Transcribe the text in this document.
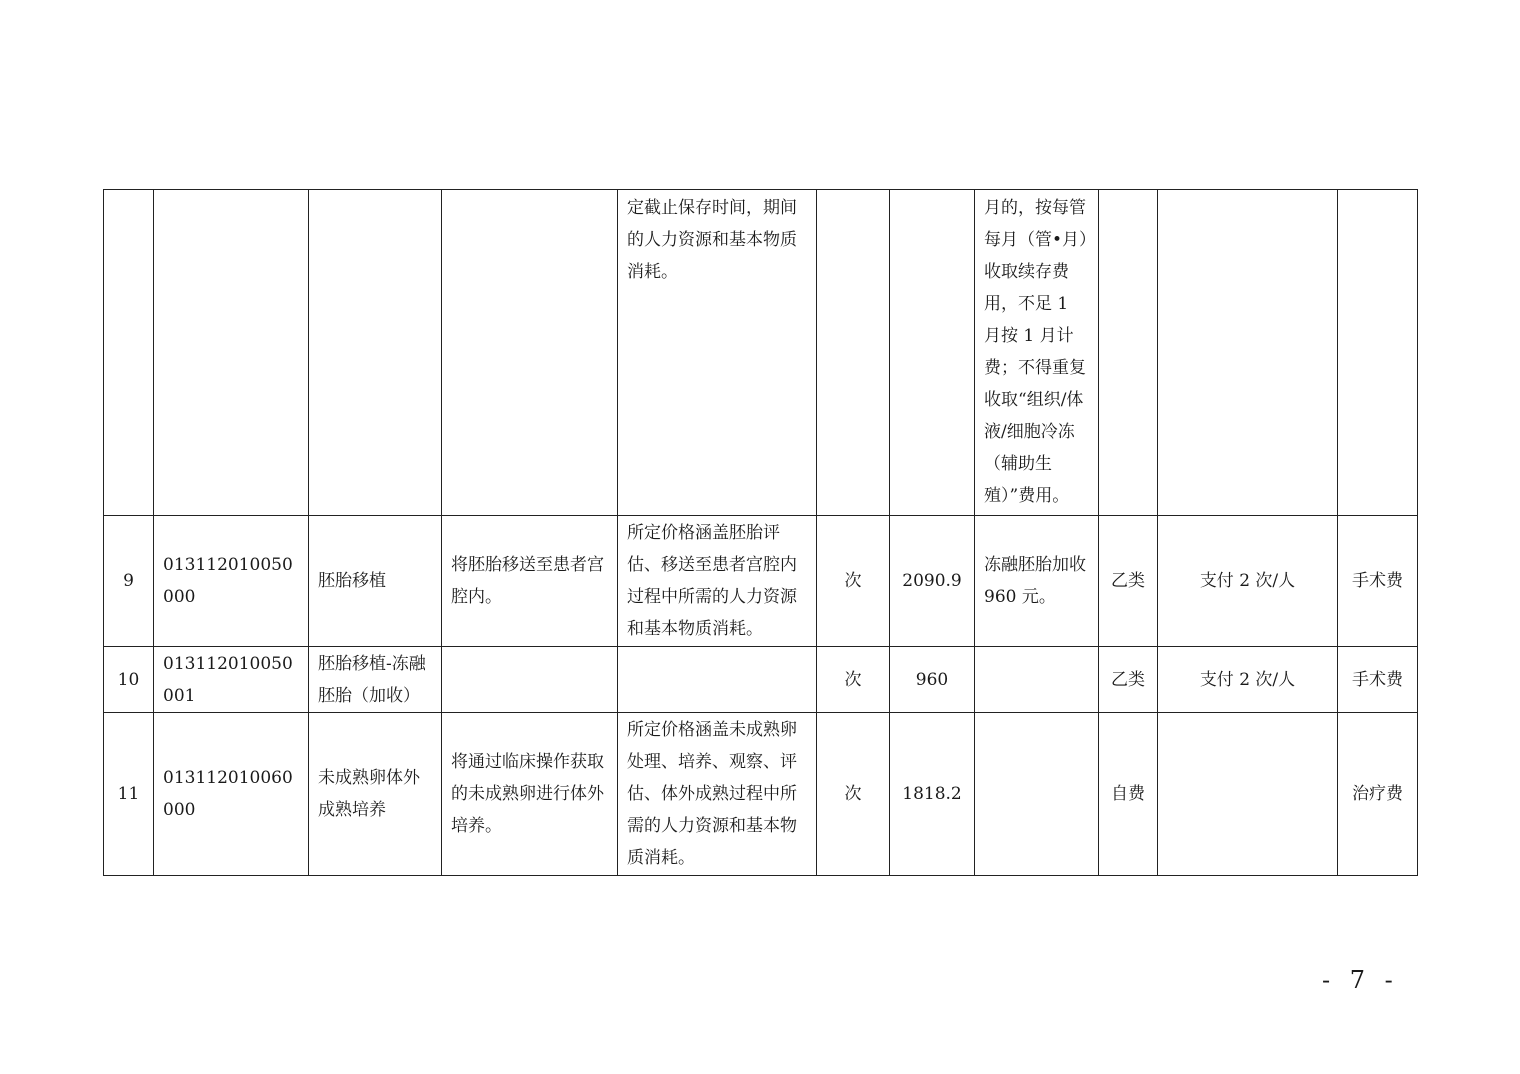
				定截止保存时间，期间的人力资源和基本物质消耗。			月的，按每管每月（管•月）收取续存费用，不足 1 月按 1 月计费；不得重复收取“组织/体液/细胞冷冻（辅助生殖）”费用。			
9	013112010050000	胚胎移植	将胚胎移送至患者宫腔内。	所定价格涵盖胚胎评估、移送至患者宫腔内过程中所需的人力资源和基本物质消耗。	次	2090.9	冻融胚胎加收 960 元。	乙类	支付 2 次/人	手术费
10	013112010050001	胚胎移植-冻融胚胎（加收）			次	960		乙类	支付 2 次/人	手术费
11	013112010060000	未成熟卵体外成熟培养	将通过临床操作获取的未成熟卵进行体外培养。	所定价格涵盖未成熟卵处理、培养、观察、评估、体外成熟过程中所需的人力资源和基本物质消耗。	次	1818.2		自费		治疗费
- 7 -
